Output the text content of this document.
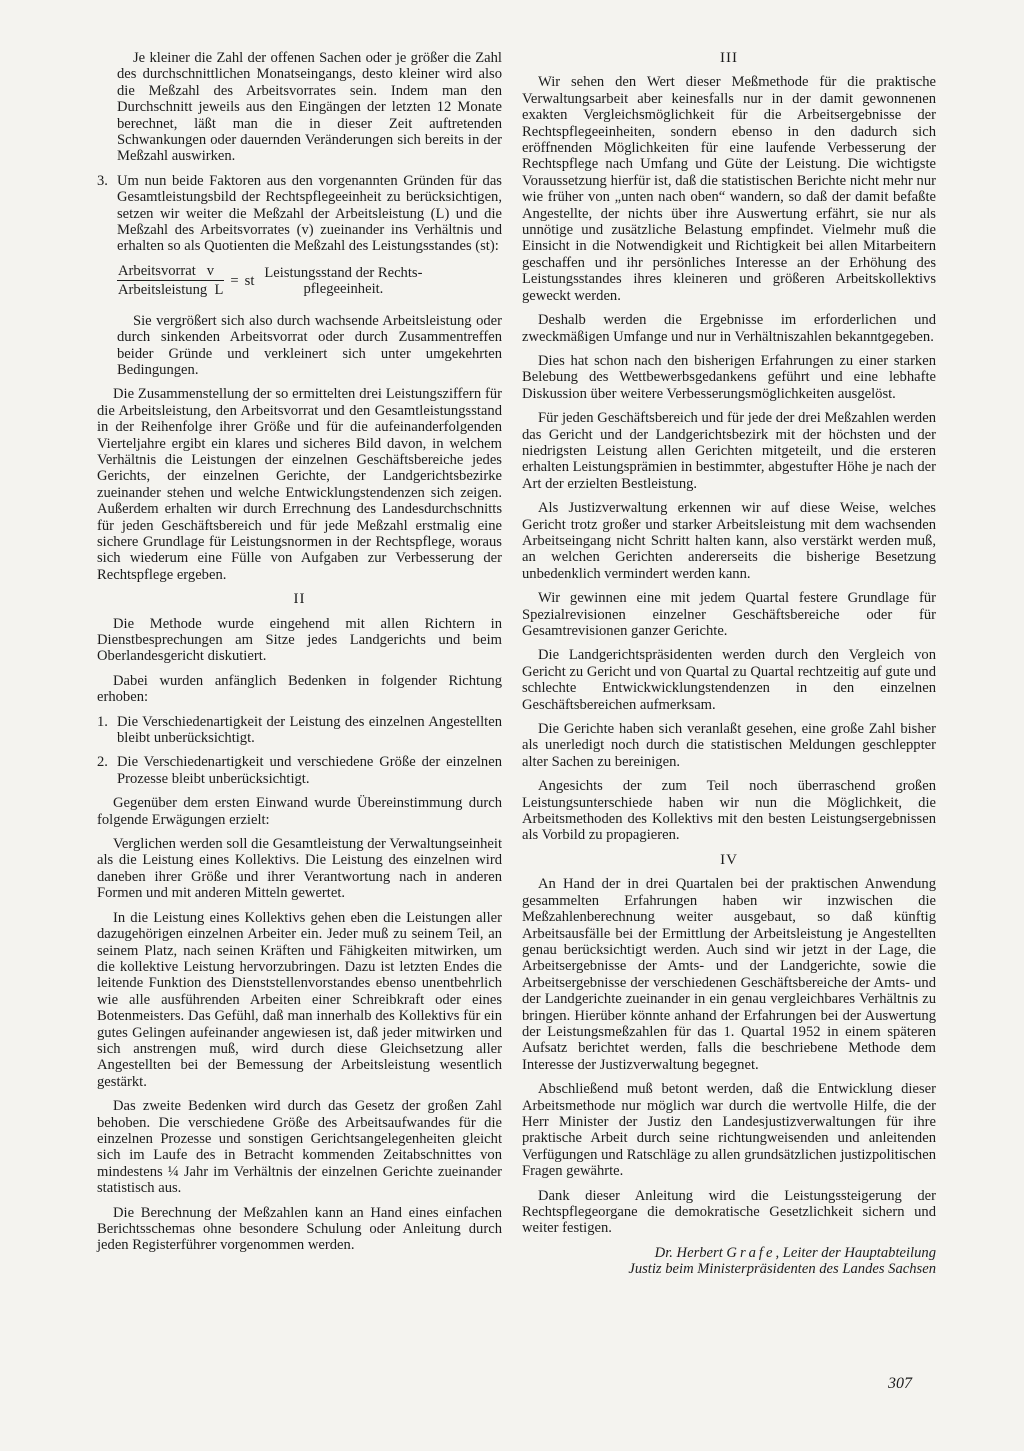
Je kleiner die Zahl der offenen Sachen oder je größer die Zahl des durchschnittlichen Monatseingangs, desto kleiner wird also die Meßzahl des Arbeitsvorrates sein. Indem man den Durchschnitt jeweils aus den Eingängen der letzten 12 Monate berechnet, läßt man die in dieser Zeit auftretenden Schwankungen oder dauernden Veränderungen sich bereits in der Meßzahl auswirken.

3. Um nun beide Faktoren aus den vorgenannten Gründen für das Gesamtleistungsbild der Rechtspflegeeinheit zu berücksichtigen, setzen wir weiter die Meßzahl der Arbeitsleistung (L) und die Meßzahl des Arbeitsvorrates (v) zueinander ins Verhältnis und erhalten so als Quotienten die Meßzahl des Leistungsstandes (st):
$\frac{\text{Arbeitsvorrat v}}{\text{Arbeitsleistung L}}$ = st Leistungsstand der Rechts-
pflegeeinheit.

Sie vergrößert sich also durch wachsende Arbeitsleistung oder durch sinkenden Arbeitsvorrat oder durch Zusammentreffen beider Gründe und verkleinert sich unter umgekehrten Bedingungen.

Die Zusammenstellung der so ermittelten drei Leistungsziffern für die Arbeitsleistung, den Arbeitsvorrat und den Gesamtleistungsstand in der Reihenfolge ihrer Größe und für die aufeinanderfolgenden Vierteljahre ergibt ein klares und sicheres Bild davon, in welchem Verhältnis die Leistungen der einzelnen Geschäftsbereiche jedes Gerichts, der einzelnen Gerichte, der Landgerichtsbezirke zueinander stehen und welche Entwicklungstendenzen sich zeigen. Außerdem erhalten wir durch Errechnung des Landesdurchschnitts für jeden Geschäftsbereich und für jede Meßzahl erstmalig eine sichere Grundlage für Leistungsnormen in der Rechtspflege, woraus sich wiederum eine Fülle von Aufgaben zur Verbesserung der Rechtspflege ergeben.

II

Die Methode wurde eingehend mit allen Richtern in Dienstbesprechungen am Sitze jedes Landgerichts und beim Oberlandesgericht diskutiert.

Dabei wurden anfänglich Bedenken in folgender Richtung erhoben:

1. Die Verschiedenartigkeit der Leistung des einzelnen Angestellten bleibt unberücksichtigt.
2. Die Verschiedenartigkeit und verschiedene Größe der einzelnen Prozesse bleibt unberücksichtigt.

Gegenüber dem ersten Einwand wurde Übereinstimmung durch folgende Erwägungen erzielt:

Verglichen werden soll die Gesamtleistung der Verwaltungseinheit als die Leistung eines Kollektivs. Die Leistung des einzelnen wird daneben ihrer Größe und ihrer Verantwortung nach in anderen Formen und mit anderen Mitteln gewertet.

In die Leistung eines Kollektivs gehen eben die Leistungen aller dazugehörigen einzelnen Arbeiter ein. Jeder muß zu seinem Teil, an seinem Platz, nach seinen Kräften und Fähigkeiten mitwirken, um die kollektive Leistung hervorzubringen. Dazu ist letzten Endes die leitende Funktion des Dienststellenvorstandes ebenso unentbehrlich wie alle ausführenden Arbeiten einer Schreibkraft oder eines Botenmeisters. Das Gefühl, daß man innerhalb des Kollektivs für ein gutes Gelingen aufeinander angewiesen ist, daß jeder mitwirken und sich anstrengen muß, wird durch diese Gleichsetzung aller Angestellten bei der Bemessung der Arbeitsleistung wesentlich gestärkt.

Das zweite Bedenken wird durch das Gesetz der großen Zahl behoben. Die verschiedene Größe des Arbeitsaufwandes für die einzelnen Prozesse und sonstigen Gerichtsangelegenheiten gleicht sich im Laufe des in Betracht kommenden Zeitabschnittes von mindestens ¼ Jahr im Verhältnis der einzelnen Gerichte zueinander statistisch aus.

Die Berechnung der Meßzahlen kann an Hand eines einfachen Berichtsschemas ohne besondere Schulung oder Anleitung durch jeden Registerführer vorgenommen werden.

III

Wir sehen den Wert dieser Meßmethode für die praktische Verwaltungsarbeit aber keinesfalls nur in der damit gewonnenen exakten Vergleichsmöglichkeit für die Arbeitsergebnisse der Rechtspflegeeinheiten, sondern ebenso in den dadurch sich eröffnenden Möglichkeiten für eine laufende Verbesserung der Rechtspflege nach Umfang und Güte der Leistung. Die wichtigste Voraussetzung hierfür ist, daß die statistischen Berichte nicht mehr nur wie früher von „unten nach oben“ wandern, so daß der damit befaßte Angestellte, der nichts über ihre Auswertung erfährt, sie nur als unnötige und zusätzliche Belastung empfindet. Vielmehr muß die Einsicht in die Notwendigkeit und Richtigkeit bei allen Mitarbeitern geschaffen und ihr persönliches Interesse an der Erhöhung des Leistungsstandes ihres kleineren und größeren Arbeitskollektivs geweckt werden.

Deshalb werden die Ergebnisse im erforderlichen und zweckmäßigen Umfange und nur in Verhältniszahlen bekanntgegeben.

Dies hat schon nach den bisherigen Erfahrungen zu einer starken Belebung des Wettbewerbsgedankens geführt und eine lebhafte Diskussion über weitere Verbesserungsmöglichkeiten ausgelöst.

Für jeden Geschäftsbereich und für jede der drei Meßzahlen werden das Gericht und der Landgerichtsbezirk mit der höchsten und der niedrigsten Leistung allen Gerichten mitgeteilt, und die ersteren erhalten Leistungsprämien in bestimmter, abgestufter Höhe je nach der Art der erzielten Bestleistung.

Als Justizverwaltung erkennen wir auf diese Weise, welches Gericht trotz großer und starker Arbeitsleistung mit dem wachsenden Arbeitseingang nicht Schritt halten kann, also verstärkt werden muß, an welchen Gerichten andererseits die bisherige Besetzung unbedenklich vermindert werden kann.

Wir gewinnen eine mit jedem Quartal festere Grundlage für Spezialrevisionen einzelner Geschäftsbereiche oder für Gesamtrevisionen ganzer Gerichte.

Die Landgerichtspräsidenten werden durch den Vergleich von Gericht zu Gericht und von Quartal zu Quartal rechtzeitig auf gute und schlechte Entwickwicklungstendenzen in den einzelnen Geschäftsbereichen aufmerksam.

Die Gerichte haben sich veranlaßt gesehen, eine große Zahl bisher als unerledigt noch durch die statistischen Meldungen geschleppter alter Sachen zu bereinigen.

Angesichts der zum Teil noch überraschend großen Leistungsunterschiede haben wir nun die Möglichkeit, die Arbeitsmethoden des Kollektivs mit den besten Leistungsergebnissen als Vorbild zu propagieren.

IV

An Hand der in drei Quartalen bei der praktischen Anwendung gesammelten Erfahrungen haben wir inzwischen die Meßzahlenberechnung weiter ausgebaut, so daß künftig Arbeitsausfälle bei der Ermittlung der Arbeitsleistung je Angestellten genau berücksichtigt werden. Auch sind wir jetzt in der Lage, die Arbeitsergebnisse der Amts- und der Landgerichte, sowie die Arbeitsergebnisse der verschiedenen Geschäftsbereiche der Amts- und der Landgerichte zueinander in ein genau vergleichbares Verhältnis zu bringen. Hierüber könnte anhand der Erfahrungen bei der Auswertung der Leistungsmeßzahlen für das 1. Quartal 1952 in einem späteren Aufsatz berichtet werden, falls die beschriebene Methode dem Interesse der Justizverwaltung begegnet.

Abschließend muß betont werden, daß die Entwicklung dieser Arbeitsmethode nur möglich war durch die wertvolle Hilfe, die der Herr Minister der Justiz den Landesjustizverwaltungen für ihre praktische Arbeit durch seine richtungweisenden und anleitenden Verfügungen und Ratschläge zu allen grundsätzlichen justizpolitischen Fragen gewährte.

Dank dieser Anleitung wird die Leistungssteigerung der Rechtspflegeorgane die demokratische Gesetzlichkeit sichern und weiter festigen.

Dr. Herbert Grafe, Leiter der Hauptabteilung
Justiz beim Ministerpräsidenten des Landes Sachsen

307
